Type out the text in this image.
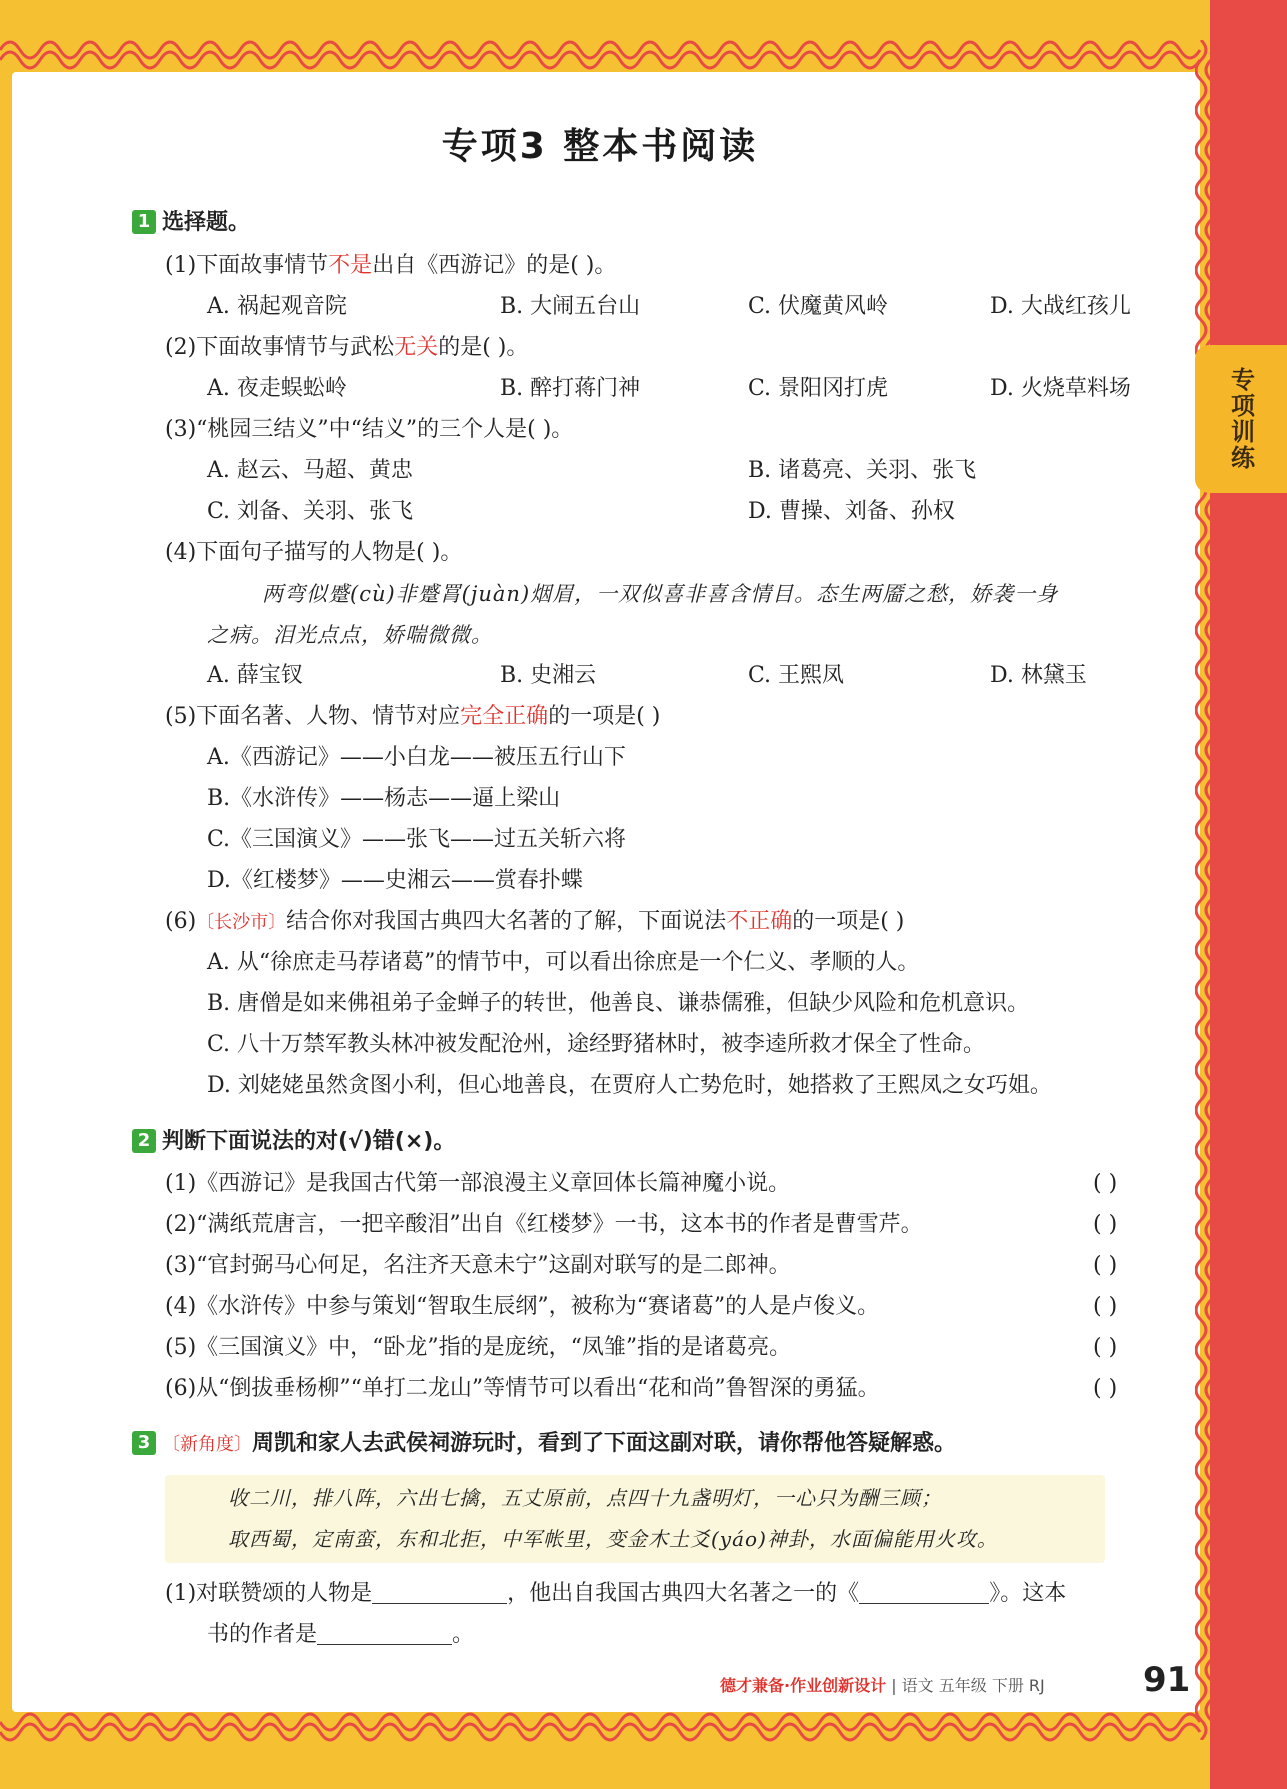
专项训练
专项3 整本书阅读
1 选择题。
(1)下面故事情节不是出自《西游记》的是( )。
A. 祸起观音院	B. 大闹五台山	C. 伏魔黄风岭	D. 大战红孩儿
(2)下面故事情节与武松无关的是( )。
A. 夜走蜈蚣岭	B. 醉打蒋门神	C. 景阳冈打虎	D. 火烧草料场
(3)“桃园三结义”中“结义”的三个人是( )。
A. 赵云、马超、黄忠	B. 诸葛亮、关羽、张飞
C. 刘备、关羽、张飞	D. 曹操、刘备、孙权
(4)下面句子描写的人物是( )。
两弯似蹙(cù)非蹙罥(juàn)烟眉，一双似喜非喜含情目。态生两靥之愁，娇袭一身
之病。泪光点点，娇喘微微。
A. 薛宝钗	B. 史湘云	C. 王熙凤	D. 林黛玉
(5)下面名著、人物、情节对应完全正确的一项是( )
A.《西游记》——小白龙——被压五行山下
B.《水浒传》——杨志——逼上梁山
C.《三国演义》——张飞——过五关斩六将
D.《红楼梦》——史湘云——赏春扑蝶
(6)〔长沙市〕结合你对我国古典四大名著的了解，下面说法不正确的一项是( )
A. 从“徐庶走马荐诸葛”的情节中，可以看出徐庶是一个仁义、孝顺的人。
B. 唐僧是如来佛祖弟子金蝉子的转世，他善良、谦恭儒雅，但缺少风险和危机意识。
C. 八十万禁军教头林冲被发配沧州，途经野猪林时，被李逵所救才保全了性命。
D. 刘姥姥虽然贪图小利，但心地善良，在贾府人亡势危时，她搭救了王熙凤之女巧姐。
2 判断下面说法的对(√)错(×)。
(1)《西游记》是我国古代第一部浪漫主义章回体长篇神魔小说。	( )
(2)“满纸荒唐言，一把辛酸泪”出自《红楼梦》一书，这本书的作者是曹雪芹。	( )
(3)“官封弼马心何足，名注齐天意未宁”这副对联写的是二郎神。	( )
(4)《水浒传》中参与策划“智取生辰纲”，被称为“赛诸葛”的人是卢俊义。	( )
(5)《三国演义》中，“卧龙”指的是庞统，“凤雏”指的是诸葛亮。	( )
(6)从“倒拔垂杨柳”“单打二龙山”等情节可以看出“花和尚”鲁智深的勇猛。	( )
3 〔新角度〕周凯和家人去武侯祠游玩时，看到了下面这副对联，请你帮他答疑解惑。
收二川，排八阵，六出七擒，五丈原前，点四十九盏明灯，一心只为酬三顾；
取西蜀，定南蛮，东和北拒，中军帐里，变金木土爻(yáo)神卦，水面偏能用火攻。
(1)对联赞颂的人物是	，他出自我国古典四大名著之一的《	》。这本
书的作者是	。
德才兼备·作业创新设计 | 语文 五年级 下册 RJ	91
